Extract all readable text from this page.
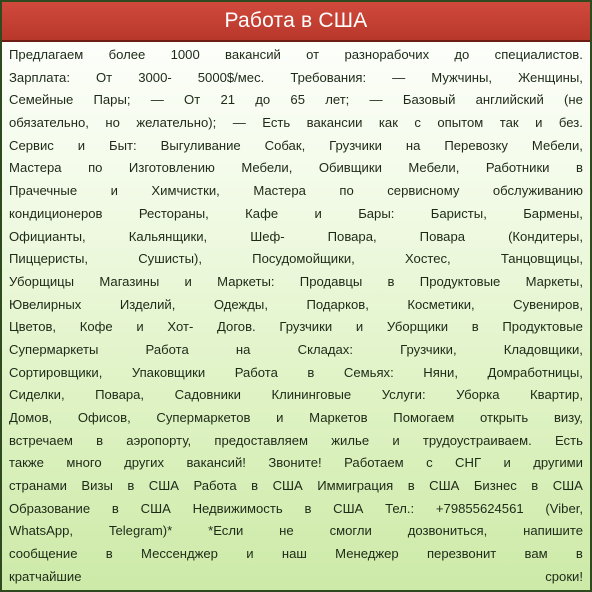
Работа в США
Предлагаем более 1000 вакансий от разнорабочих до специалистов.
Зарплата: От 3000- 5000$/мес. Требования: — Мужчины, Женщины,
Семейные Пары; — От 21 до 65 лет; — Базовый английский (не
обязательно, но желательно); — Есть вакансии как с опытом так и без.
Сервис и Быт: Выгуливание Собак, Грузчики на Перевозку Мебели,
Мастера по Изготовлению Мебели, Обивщики Мебели, Работники в
Прачечные	и	Химчистки,	Мастера	по	сервисному	обслуживанию
кондиционеров	Рестораны,	Кафе	и	Бары:	Баристы,	Бармены,
Официанты,	Кальянщики,	Шеф-	Повара,	Повара	(Кондитеры,
Пиццеристы,	Сушисты),	Посудомойщики,	Хостес,	Танцовщицы,
Уборщицы Магазины и Маркеты: Продавцы в Продуктовые Маркеты,
Ювелирных	Изделий,	Одежды,	Подарков,	Косметики,	Сувениров,
Цветов, Кофе и Хот- Догов. Грузчики и Уборщики в Продуктовые
Супермаркеты	Работа	на	Складах:	Грузчики,	Кладовщики,
Сортировщики, Упаковщики Работа в Семьях: Няни, Домработницы,
Сиделки, Повара, Садовники Клининговые Услуги: Уборка Квартир,
Домов, Офисов, Супермаркетов и Маркетов Помогаем открыть визу,
встречаем в аэропорту, предоставляем жилье и трудоустраиваем. Есть
также много других вакансий! Звоните! Работаем с СНГ и другими
странами Визы в США Работа в США Иммиграция в США Бизнес в США
Образование в США Недвижимость в США Тел.: +79855624561 (Viber,
WhatsApp,	Telegram)*	*Если	не	смогли	дозвониться,	напишите
сообщение в Мессенджер и наш Менеджер перезвонит вам в
кратчайшие	сроки!
